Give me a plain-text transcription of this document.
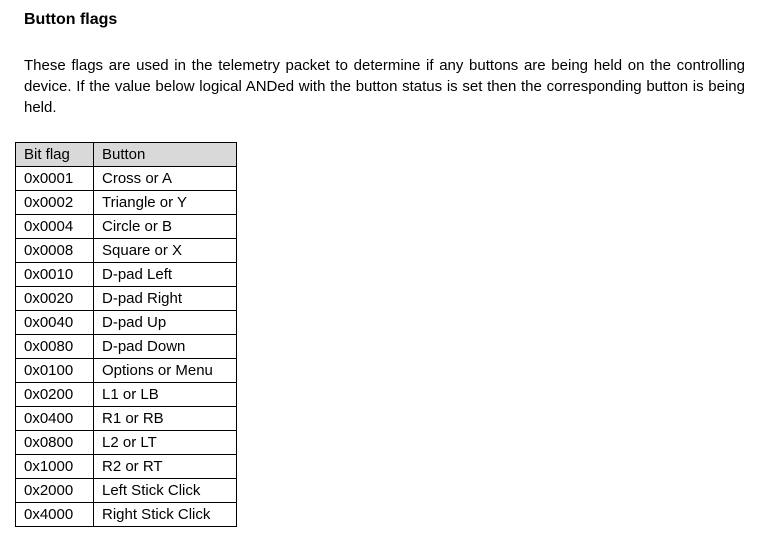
Button flags

These flags are used in the telemetry packet to determine if any buttons are being held on the controlling device. If the value below logical ANDed with the button status is set then the corresponding button is being held.

Bit flag	Button
0x0001	Cross or A
0x0002	Triangle or Y
0x0004	Circle or B
0x0008	Square or X
0x0010	D-pad Left
0x0020	D-pad Right
0x0040	D-pad Up
0x0080	D-pad Down
0x0100	Options or Menu
0x0200	L1 or LB
0x0400	R1 or RB
0x0800	L2 or LT
0x1000	R2 or RT
0x2000	Left Stick Click
0x4000	Right Stick Click
